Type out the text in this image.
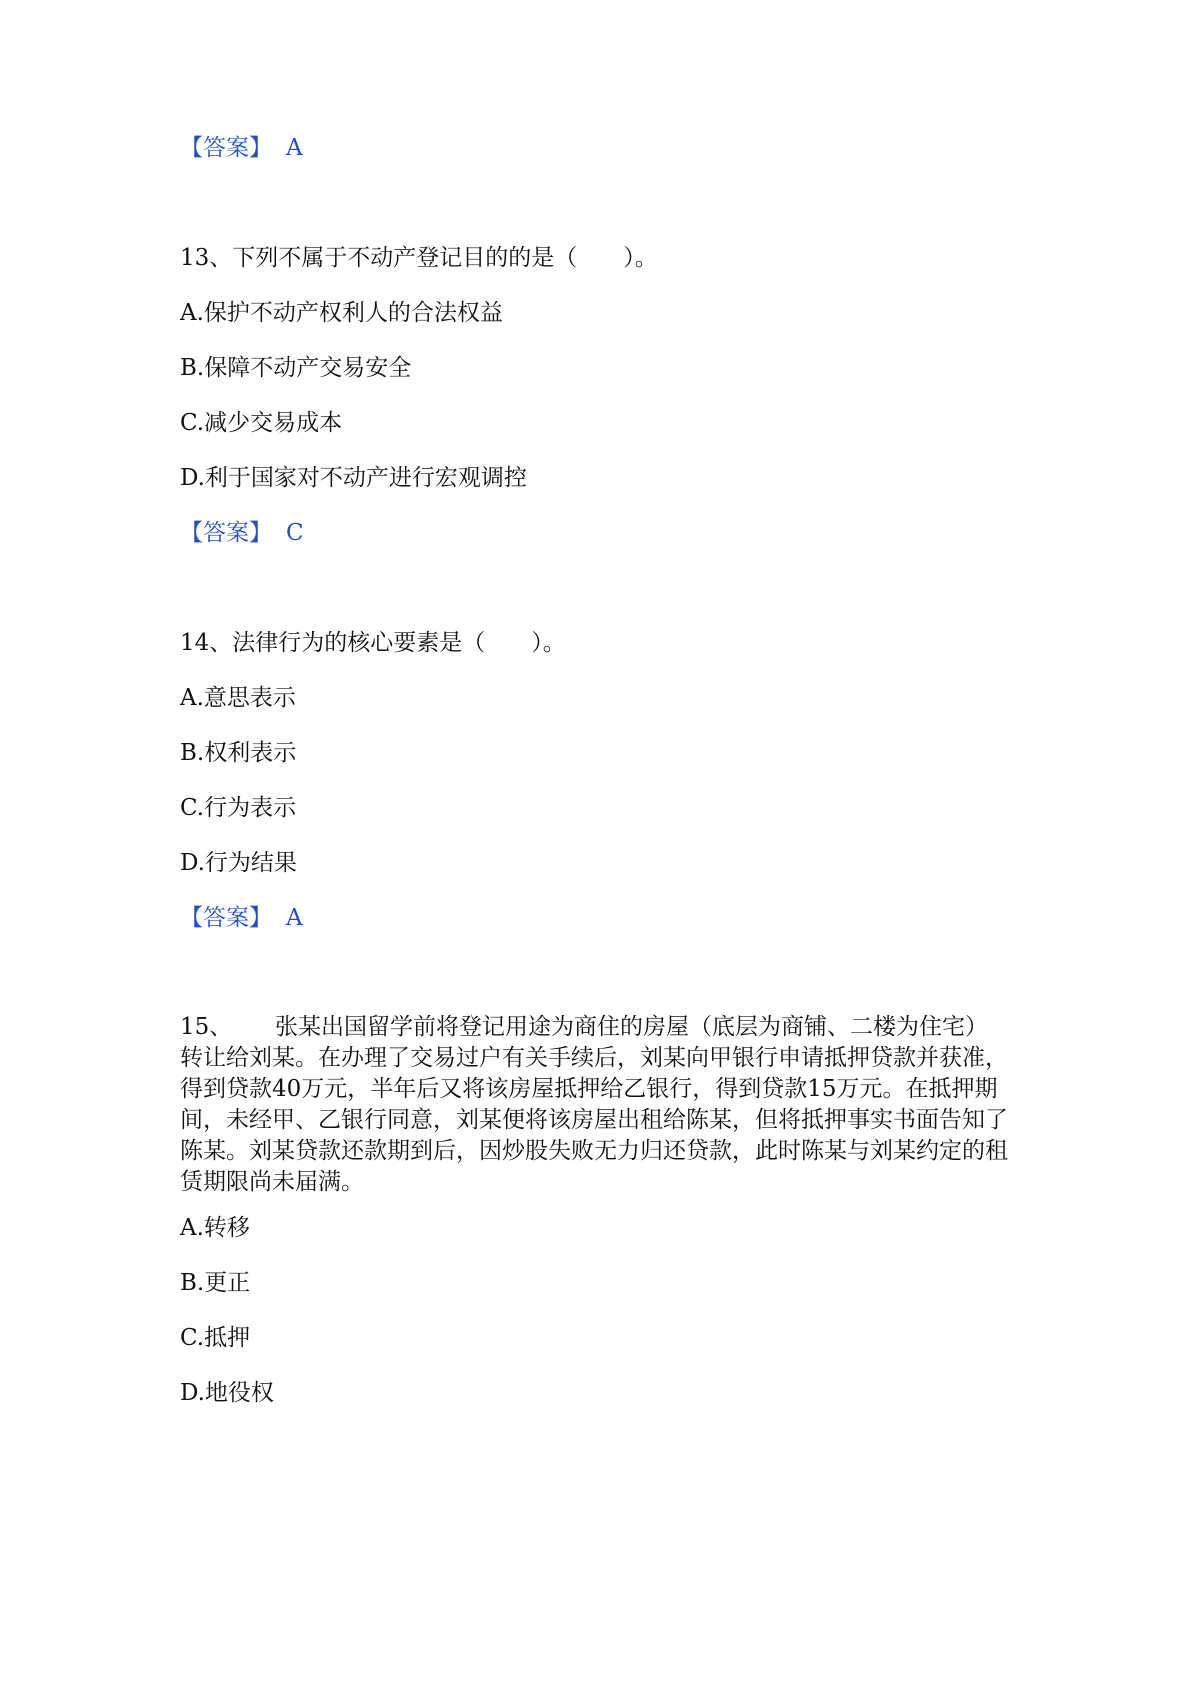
【答案】 A
13、下列不属于不动产登记目的的是（　　）。
A.保护不动产权利人的合法权益
B.保障不动产交易安全
C.减少交易成本
D.利于国家对不动产进行宏观调控
【答案】 C
14、法律行为的核心要素是（　　）。
A.意思表示
B.权利表示
C.行为表示
D.行为结果
【答案】 A
15、 张某出国留学前将登记用途为商住的房屋（底层为商铺、二楼为住宅）转让给刘某。在办理了交易过户有关手续后，刘某向甲银行申请抵押贷款并获准，得到贷款40万元，半年后又将该房屋抵押给乙银行，得到贷款15万元。在抵押期间，未经甲、乙银行同意，刘某便将该房屋出租给陈某，但将抵押事实书面告知了陈某。刘某贷款还款期到后，因炒股失败无力归还贷款，此时陈某与刘某约定的租赁期限尚未届满。
A.转移
B.更正
C.抵押
D.地役权
